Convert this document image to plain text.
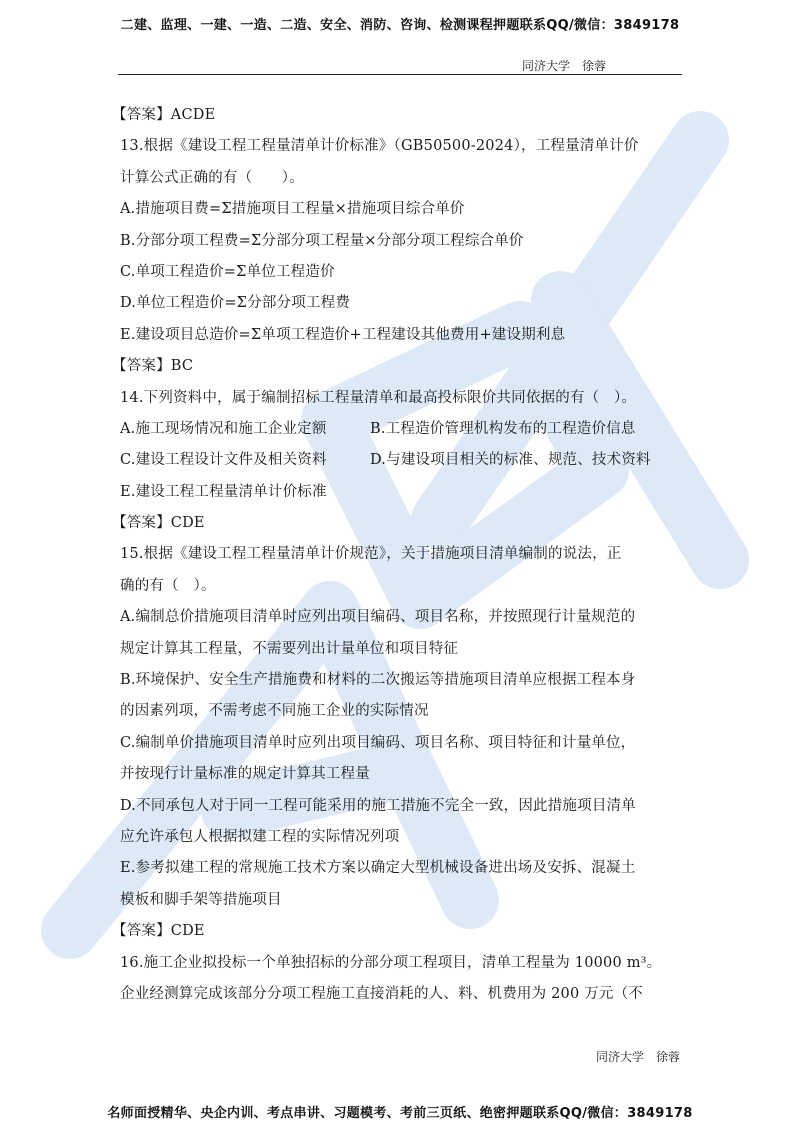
二建、监理、一建、一造、二造、安全、消防、咨询、检测课程押题联系QQ/微信：3849178
同济大学　徐蓉
【答案】ACDE
13.根据《建设工程工程量清单计价标准》（GB50500-2024），工程量清单计价
计算公式正确的有（　　）。
A.措施项目费=Σ措施项目工程量×措施项目综合单价
B.分部分项工程费=Σ分部分项工程量×分部分项工程综合单价
C.单项工程造价=Σ单位工程造价
D.单位工程造价=Σ分部分项工程费
E.建设项目总造价=Σ单项工程造价+工程建设其他费用+建设期利息
【答案】BC
14.下列资料中，属于编制招标工程量清单和最高投标限价共同依据的有（　）。
A.施工现场情况和施工企业定额	B.工程造价管理机构发布的工程造价信息
C.建设工程设计文件及相关资料	D.与建设项目相关的标准、规范、技术资料
E.建设工程工程量清单计价标准
【答案】CDE
15.根据《建设工程工程量清单计价规范》，关于措施项目清单编制的说法，正
确的有（　）。
A.编制总价措施项目清单时应列出项目编码、项目名称，并按照现行计量规范的
规定计算其工程量，不需要列出计量单位和项目特征
B.环境保护、安全生产措施费和材料的二次搬运等措施项目清单应根据工程本身
的因素列项，不需考虑不同施工企业的实际情况
C.编制单价措施项目清单时应列出项目编码、项目名称、项目特征和计量单位，
并按现行计量标准的规定计算其工程量
D.不同承包人对于同一工程可能采用的施工措施不完全一致，因此措施项目清单
应允许承包人根据拟建工程的实际情况列项
E.参考拟建工程的常规施工技术方案以确定大型机械设备进出场及安拆、混凝土
模板和脚手架等措施项目
【答案】CDE
16.施工企业拟投标一个单独招标的分部分项工程项目，清单工程量为 10000 m³。
企业经测算完成该部分分项工程施工直接消耗的人、料、机费用为 200 万元（不
同济大学　徐蓉
名师面授精华、央企内训、考点串讲、习题模考、考前三页纸、绝密押题联系QQ/微信：3849178
